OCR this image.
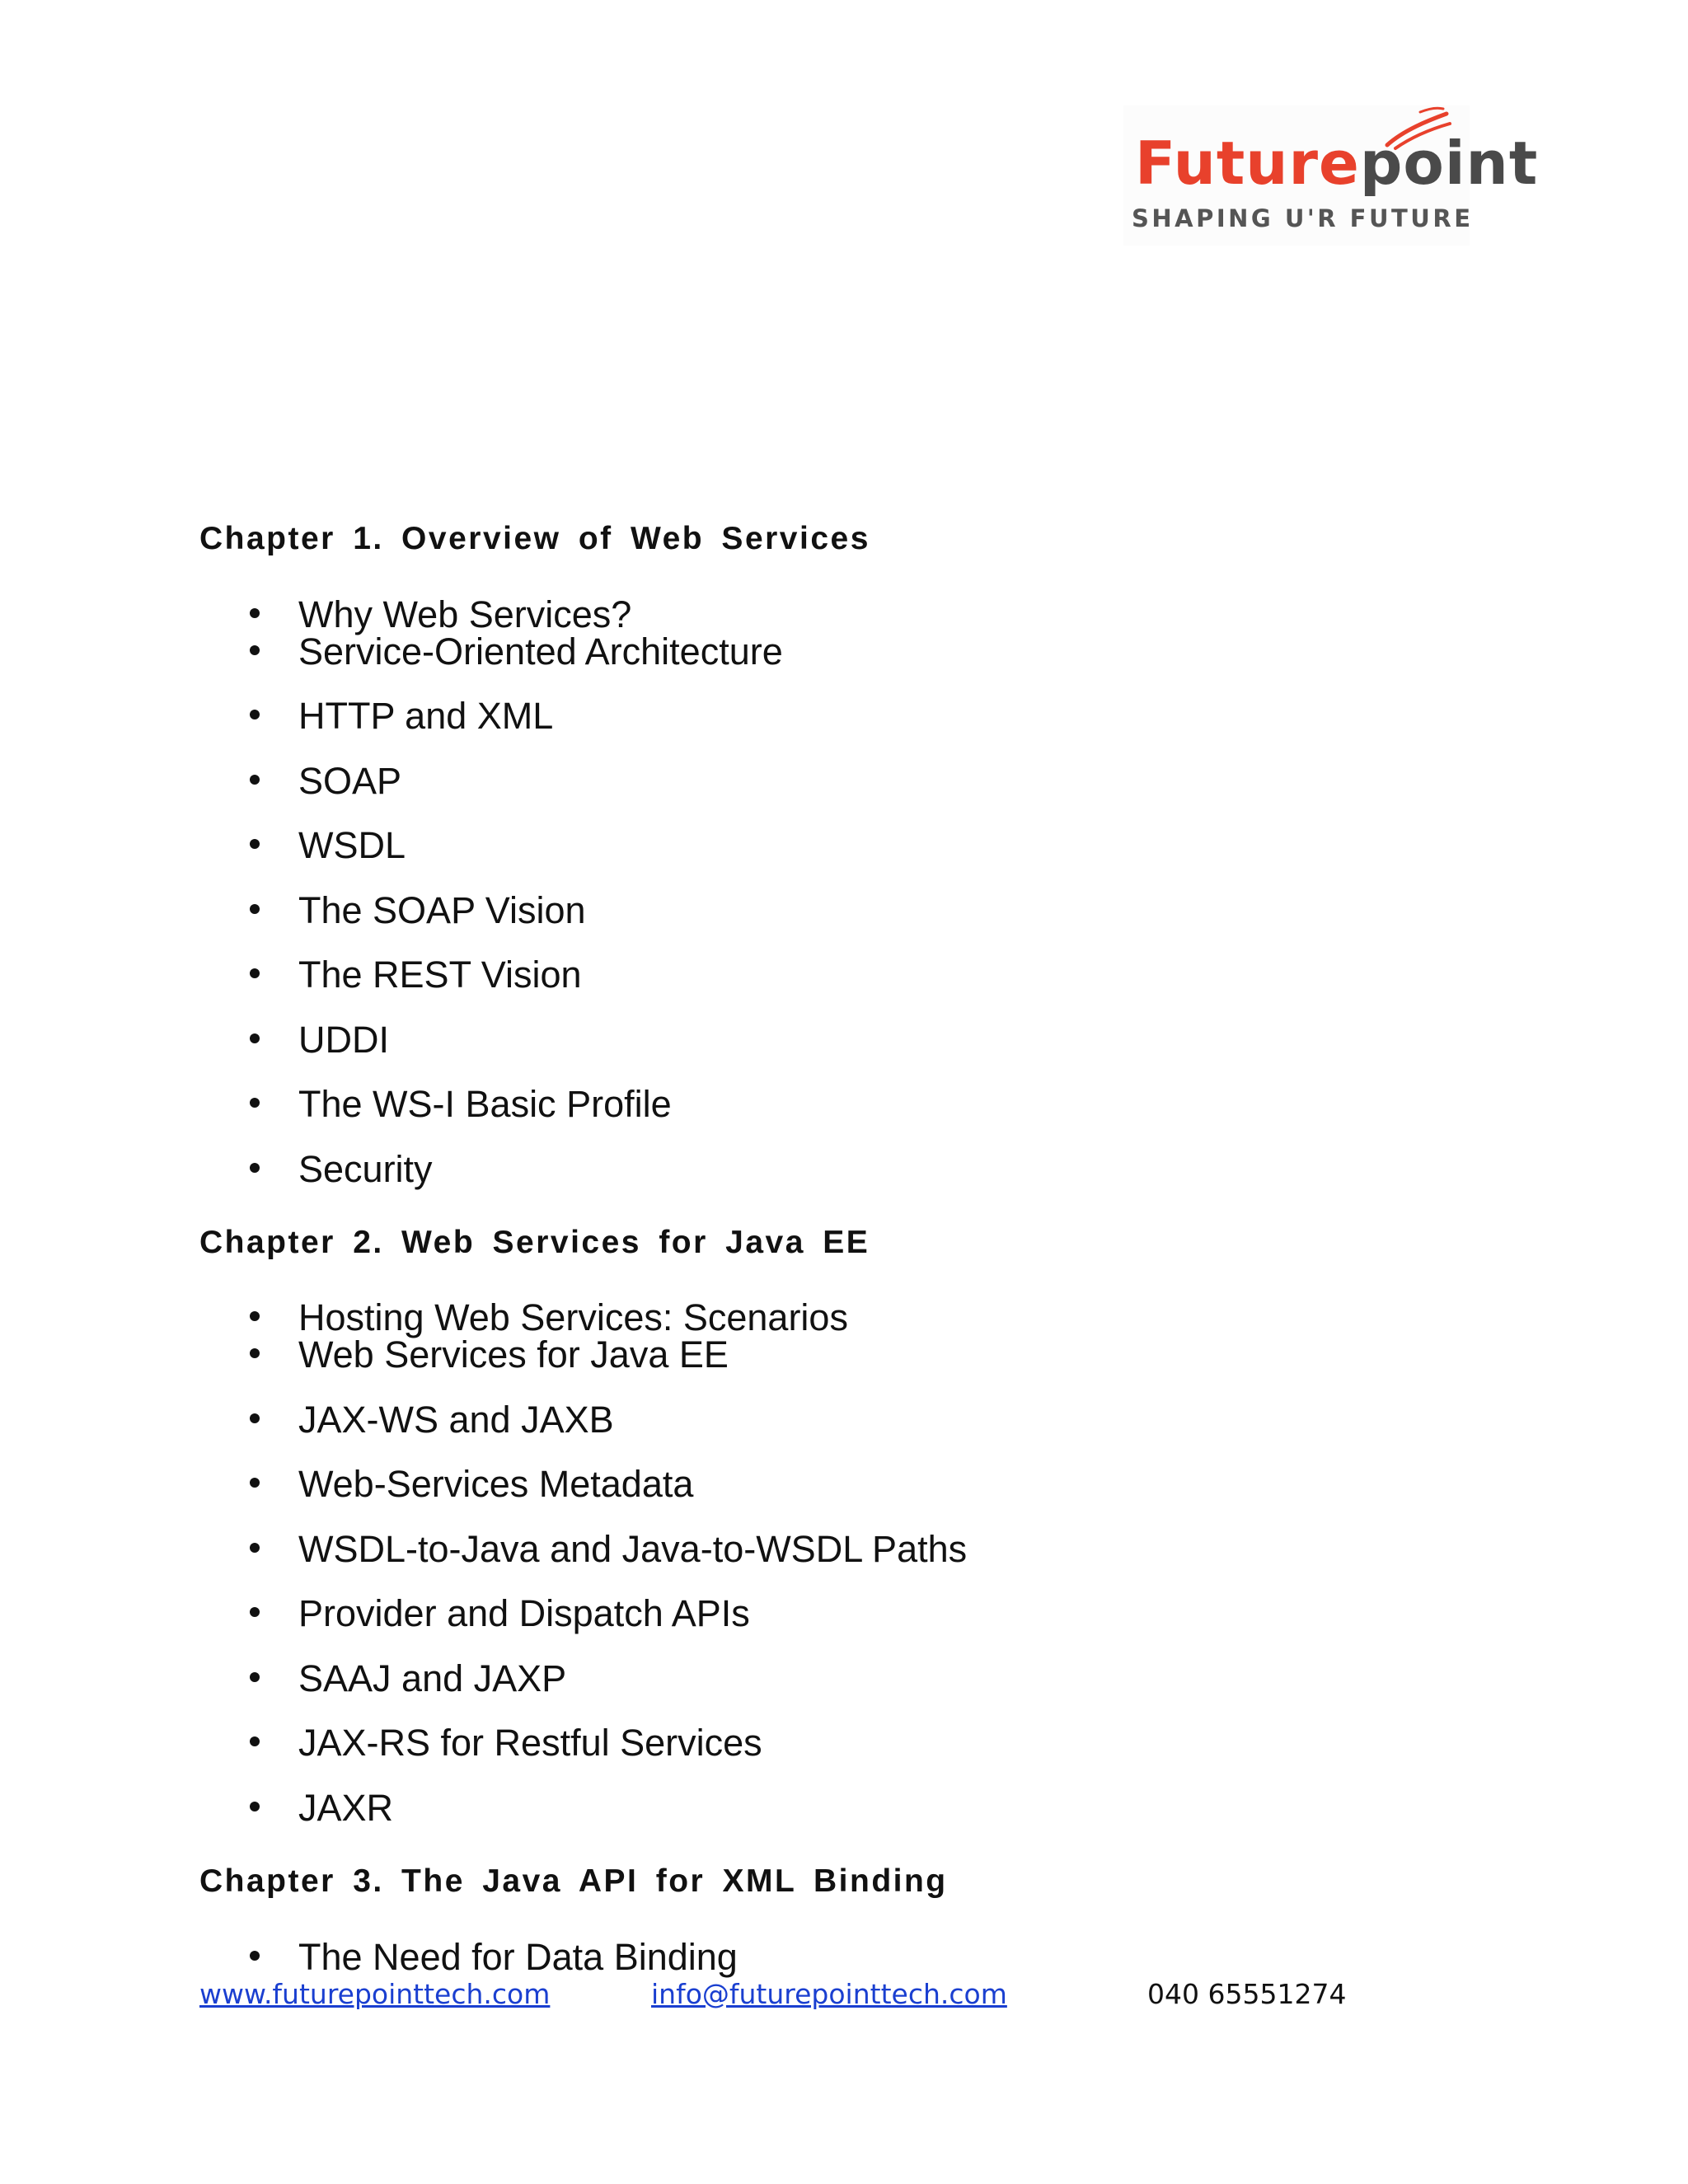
Futurepoint
SHAPING U'R FUTURE
Chapter 1. Overview of Web Services
Why Web Services?
Service-Oriented Architecture
HTTP and XML
SOAP
WSDL
The SOAP Vision
The REST Vision
UDDI
The WS-I Basic Profile
Security
Chapter 2. Web Services for Java EE
Hosting Web Services: Scenarios
Web Services for Java EE
JAX-WS and JAXB
Web-Services Metadata
WSDL-to-Java and Java-to-WSDL Paths
Provider and Dispatch APIs
SAAJ and JAXP
JAX-RS for Restful Services
JAXR
Chapter 3. The Java API for XML Binding
The Need for Data Binding
www.futurepointtech.com	info@futurepointtech.com	040 65551274
